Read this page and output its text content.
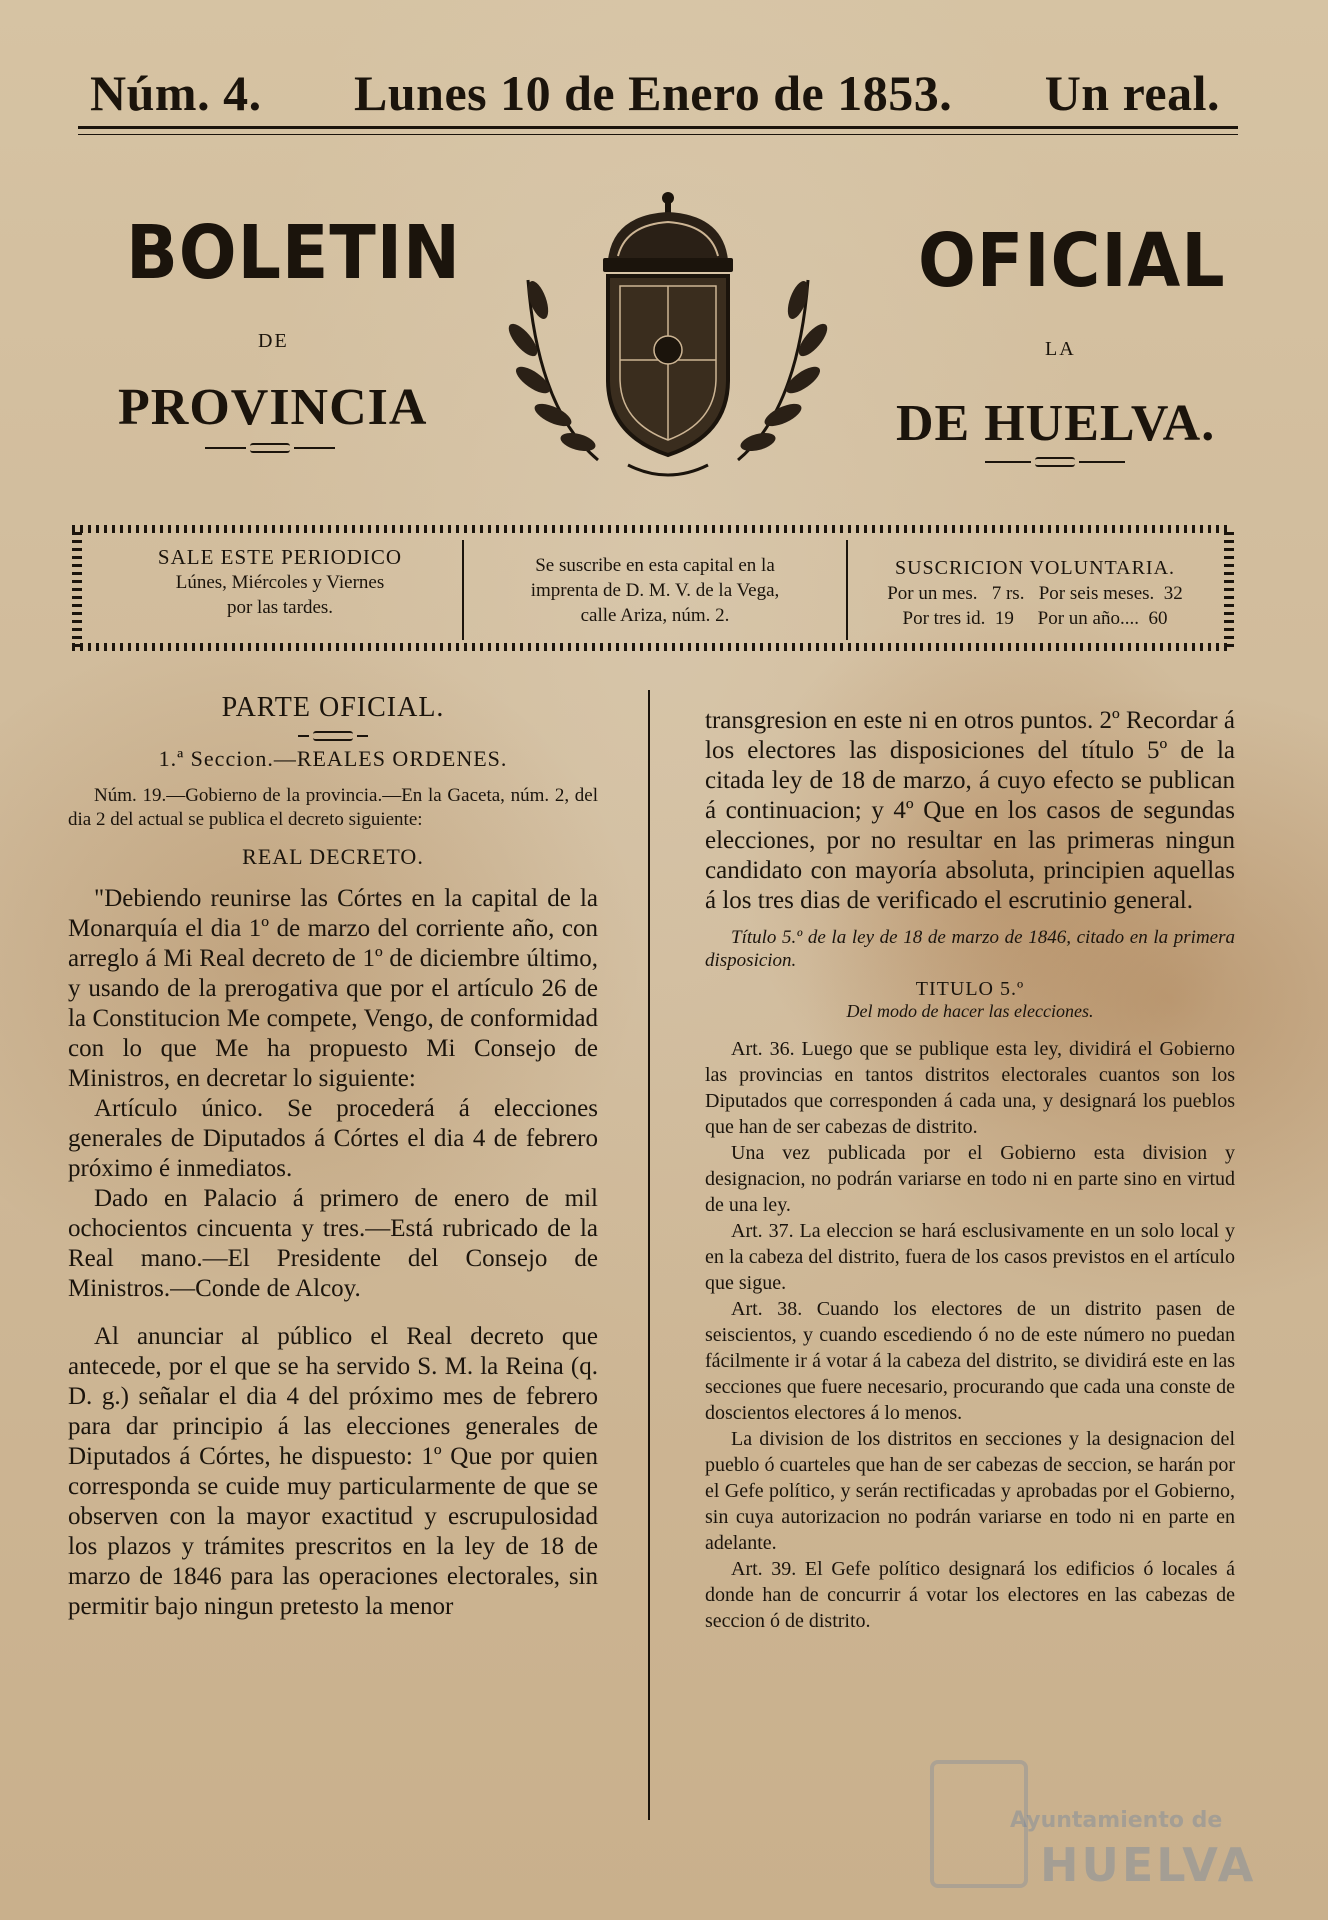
Núm. 4. Lunes 10 de Enero de 1853. Un real.
BOLETIN
DE
PROVINCIA
OFICIAL
LA
DE HUELVA.
SALE ESTE PERIODICO
Lúnes, Miércoles y Viernes
por las tardes.
Se suscribe en esta capital en la
imprenta de D. M. V. de la Vega,
calle Ariza, núm. 2.
SUSCRICION VOLUNTARIA.
Por un mes.   7 rs.   Por seis meses.  32
Por tres id.  19     Por un año....  60
PARTE OFICIAL.
1.ª Seccion.—REALES ORDENES.

Núm. 19.—Gobierno de la provincia.—En la Gaceta, núm. 2, del dia 2 del actual se publica el decreto siguiente:

REAL DECRETO.

"Debiendo reunirse las Córtes en la capital de la Monarquía el dia 1º de marzo del corriente año, con arreglo á Mi Real decreto de 1º de diciembre último, y usando de la prerogativa que por el artículo 26 de la Constitucion Me compete, Vengo, de conformidad con lo que Me ha propuesto Mi Consejo de Ministros, en decretar lo siguiente:

Artículo único. Se procederá á elecciones generales de Diputados á Córtes el dia 4 de febrero próximo é inmediatos.

Dado en Palacio á primero de enero de mil ochocientos cincuenta y tres.—Está rubricado de la Real mano.—El Presidente del Consejo de Ministros.—Conde de Alcoy.

Al anunciar al público el Real decreto que antecede, por el que se ha servido S. M. la Reina (q. D. g.) señalar el dia 4 del próximo mes de febrero para dar principio á las elecciones generales de Diputados á Córtes, he dispuesto: 1º Que por quien corresponda se cuide muy particularmente de que se observen con la mayor exactitud y escrupulosidad los plazos y trámites prescritos en la ley de 18 de marzo de 1846 para las operaciones electorales, sin permitir bajo ningun pretesto la menor

transgresion en este ni en otros puntos. 2º Recordar á los electores las disposiciones del título 5º de la citada ley de 18 de marzo, á cuyo efecto se publican á continuacion; y 4º Que en los casos de segundas elecciones, por no resultar en las primeras ningun candidato con mayoría absoluta, principien aquellas á los tres dias de verificado el escrutinio general.

Título 5.º de la ley de 18 de marzo de 1846, citado en la primera disposicion.

TITULO 5.º
Del modo de hacer las elecciones.

Art. 36. Luego que se publique esta ley, dividirá el Gobierno las provincias en tantos distritos electorales cuantos son los Diputados que corresponden á cada una, y designará los pueblos que han de ser cabezas de distrito.

Una vez publicada por el Gobierno esta division y designacion, no podrán variarse en todo ni en parte sino en virtud de una ley.

Art. 37. La eleccion se hará esclusivamente en un solo local y en la cabeza del distrito, fuera de los casos previstos en el artículo que sigue.

Art. 38. Cuando los electores de un distrito pasen de seiscientos, y cuando escediendo ó no de este número no puedan fácilmente ir á votar á la cabeza del distrito, se dividirá este en las secciones que fuere necesario, procurando que cada una conste de doscientos electores á lo menos.

La division de los distritos en secciones y la designacion del pueblo ó cuarteles que han de ser cabezas de seccion, se harán por el Gefe político, y serán rectificadas y aprobadas por el Gobierno, sin cuya autorizacion no podrán variarse en todo ni en parte en adelante.

Art. 39. El Gefe político designará los edificios ó locales á donde han de concurrir á votar los electores en las cabezas de seccion ó de distrito.

Ayuntamiento de
HUELVA
